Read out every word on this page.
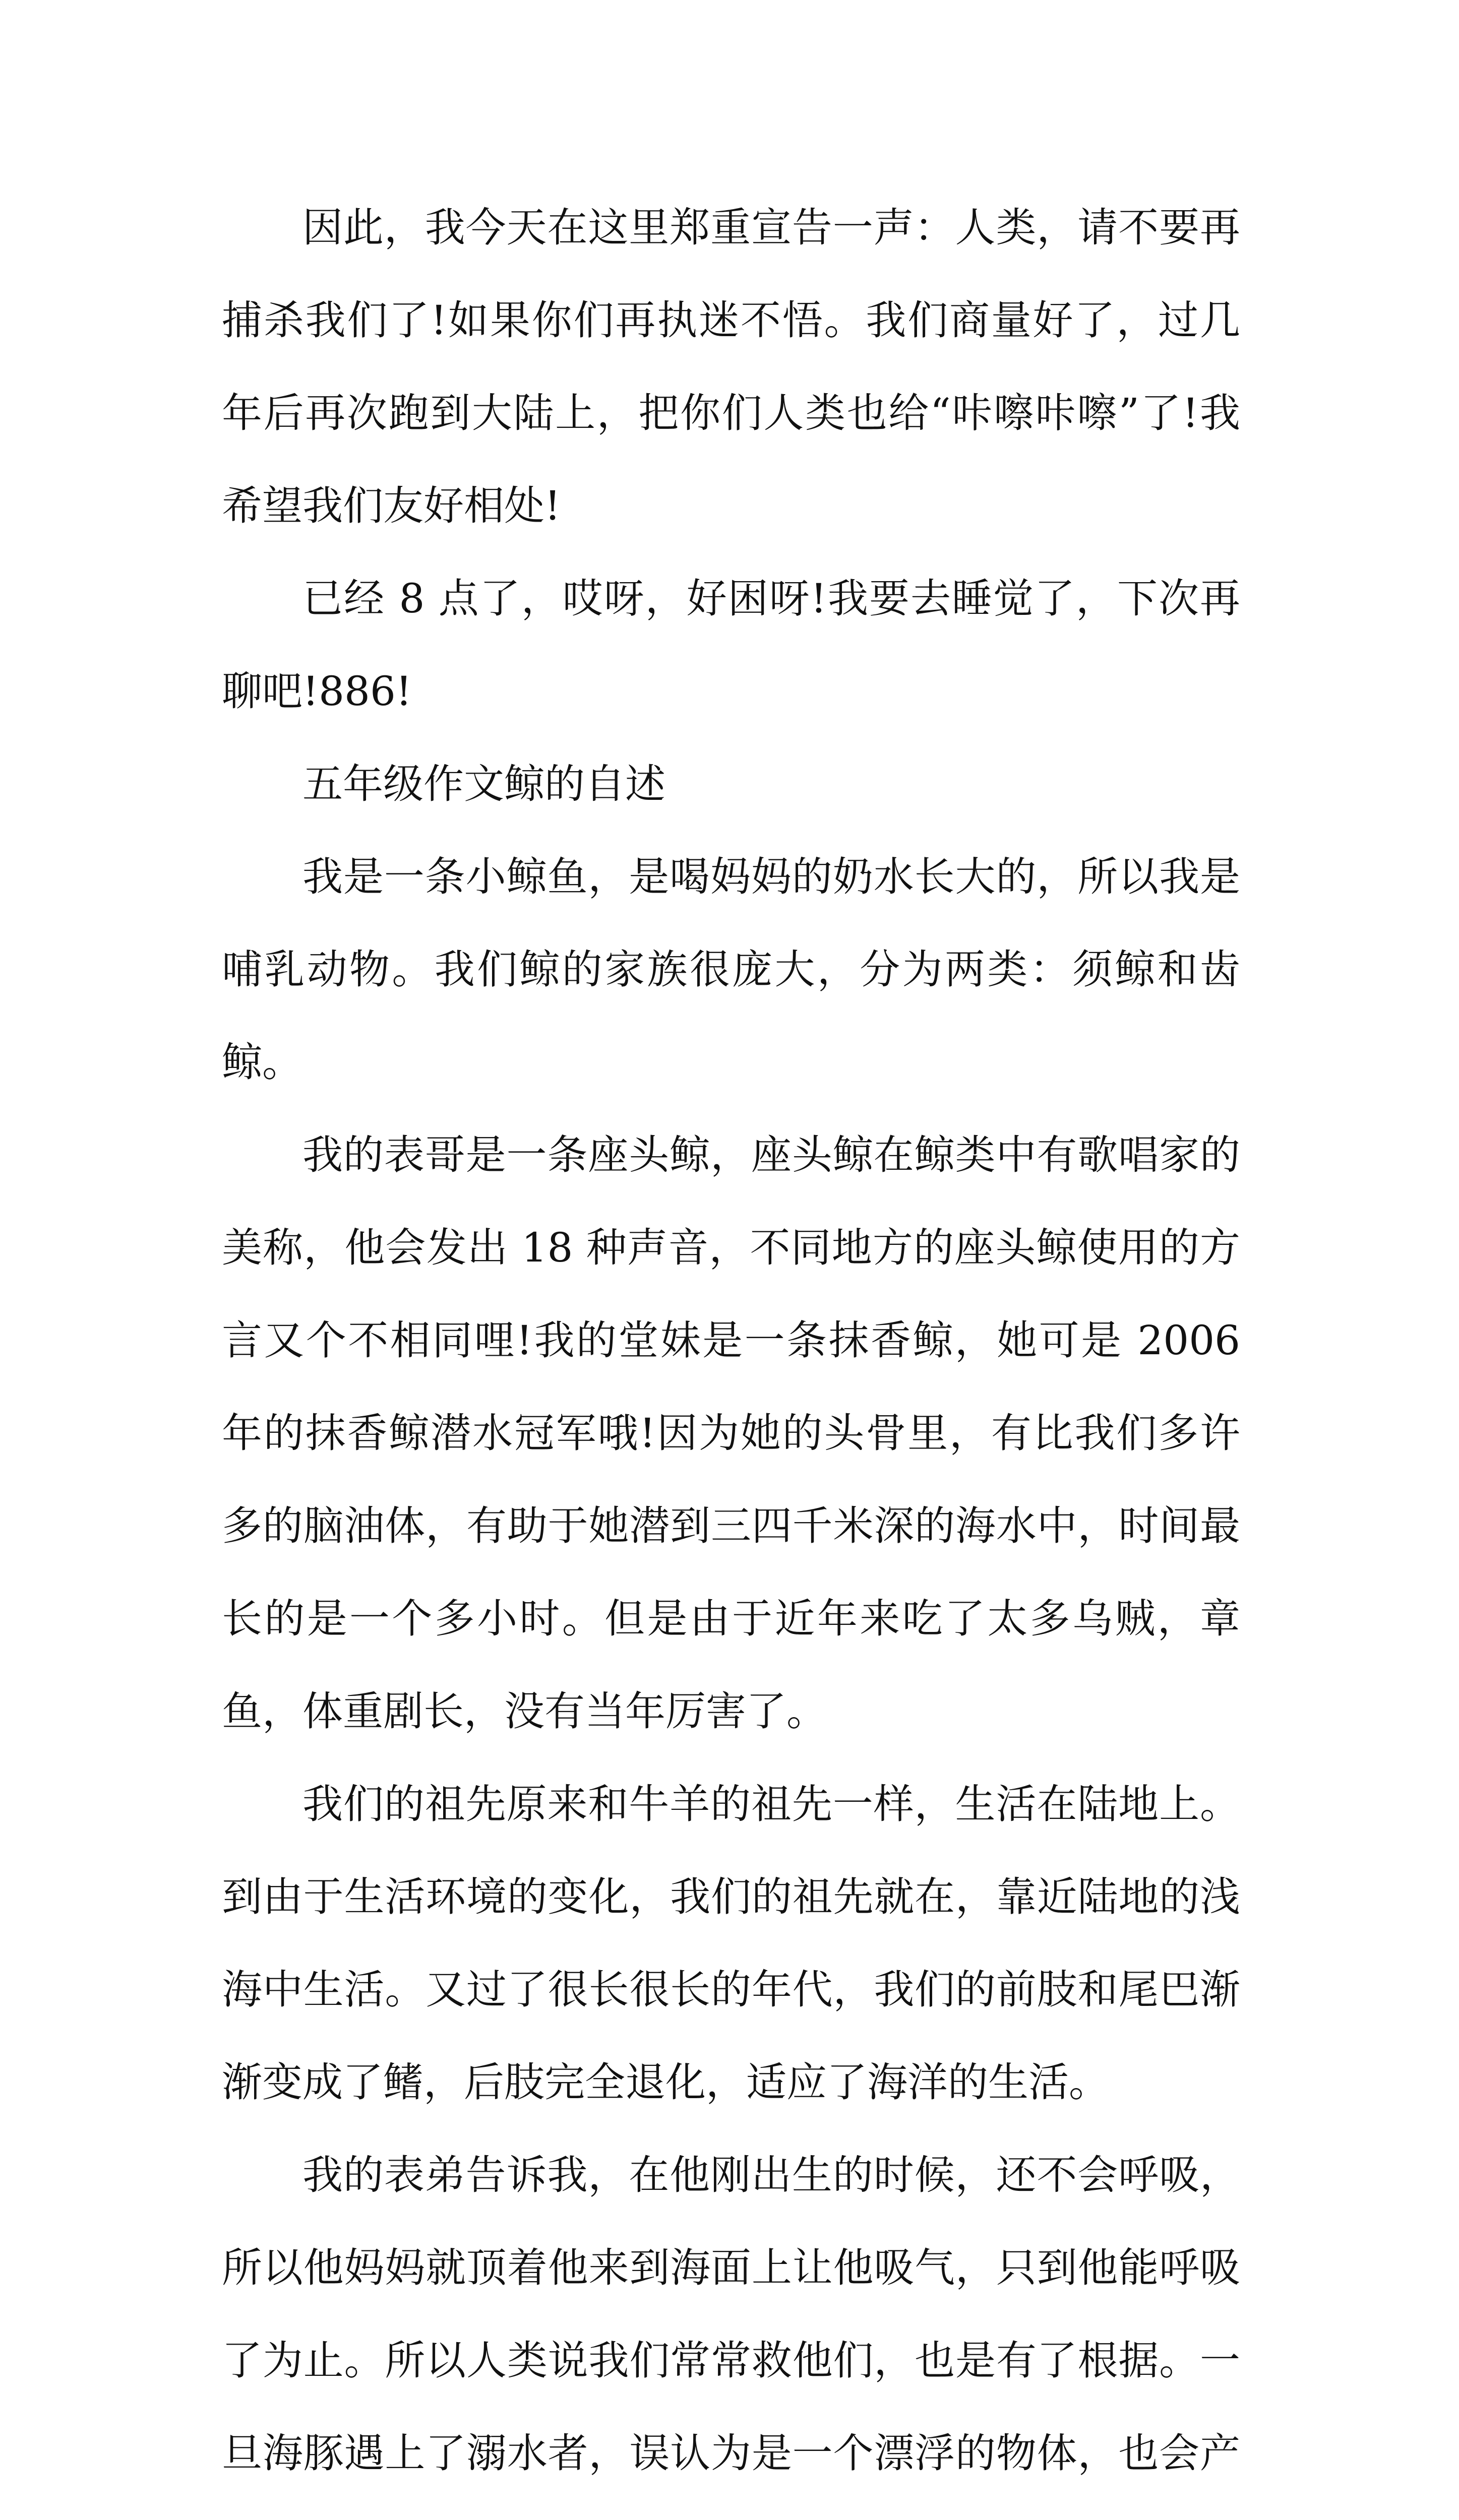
因此，我今天在这里郑重宣告一声：人类，请不要再捕杀我们了!如果你们再执迷不悟。我们商量好了，过几年后再次跑到大陆上，把你们人类也给“咔嚓咔嚓”了!我希望我们友好相处!

已经 8 点了，哎呀，好困呀!我要去睡觉了，下次再聊吧!886!

五年级作文鲸的自述

我是一条小鲸鱼，是喝妈妈的奶水长大的，所以我是哺乳动物。我们鲸的家族很庞大，分为两类：须鲸和齿鲸。

我的表哥是一条座头鲸，座头鲸在鲸类中有歌唱家的美称，他会发出 18 种声音，不同地方的座头鲸使用的方言又个不相同哩!我的堂妹是一条抹香鲸，她可是 2006 年的抹香鲸潜水冠军哦!因为她的头骨里，有比我们多许多的脑油体，有助于她潜到三四千米深的海水中，时间最长的是一个多小时。但是由于近年来吃了太多乌贼，章鱼，体重剧长，没有当年厉害了。

我们的祖先原来和牛羊的祖先一样，生活在陆地上。到由于生活环境的变化，我们的祖先就在，靠近陆地的浅海中生活。又过了很长很长的年代，我们的前肢和尾巴渐渐变成了鳍，后肢完全退化，适应了海洋的生活。

我的表弟告诉我，在他刚出生的时候，还不会呼吸，所以他妈妈就顶着他来到海面上让他吸气，只到他能呼吸了为止。所以人类说我们常常救他们，也是有了根据。一旦海豚遇上了溺水者，误认为是一个漂浮的物体，也会产
